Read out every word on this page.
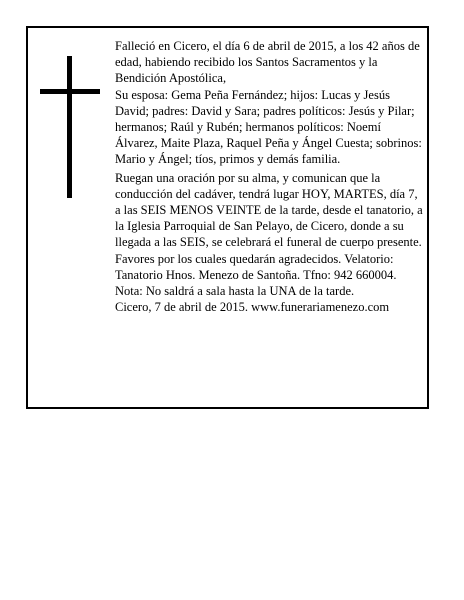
Falleció en Cicero, el día 6 de abril de 2015, a los 42 años de edad, habiendo recibido los Santos Sacramentos y la Bendición Apostólica,

Su esposa: Gema Peña Fernández; hijos: Lucas y Jesús David; padres: David y Sara; padres políticos: Jesús y Pilar; hermanos; Raúl y Rubén; hermanos políticos: Noemí Álvarez, Maite Plaza, Raquel Peña y Ángel Cuesta; sobrinos: Mario y Ángel; tíos, primos y demás familia.

Ruegan una oración por su alma, y comunican que la conducción del cadáver, tendrá lugar HOY, MARTES, día 7, a las SEIS MENOS VEINTE de la tarde, desde el tanatorio, a la Iglesia Parroquial de San Pelayo, de Cicero, donde a su llegada a las SEIS, se celebrará el funeral de cuerpo presente. Favores por los cuales quedarán agradecidos. Velatorio: Tanatorio Hnos. Menezo de Santoña. Tfno: 942 660004. Nota: No saldrá a sala hasta la UNA de la tarde.

Cicero, 7 de abril de 2015. www.funerariamenezo.com
